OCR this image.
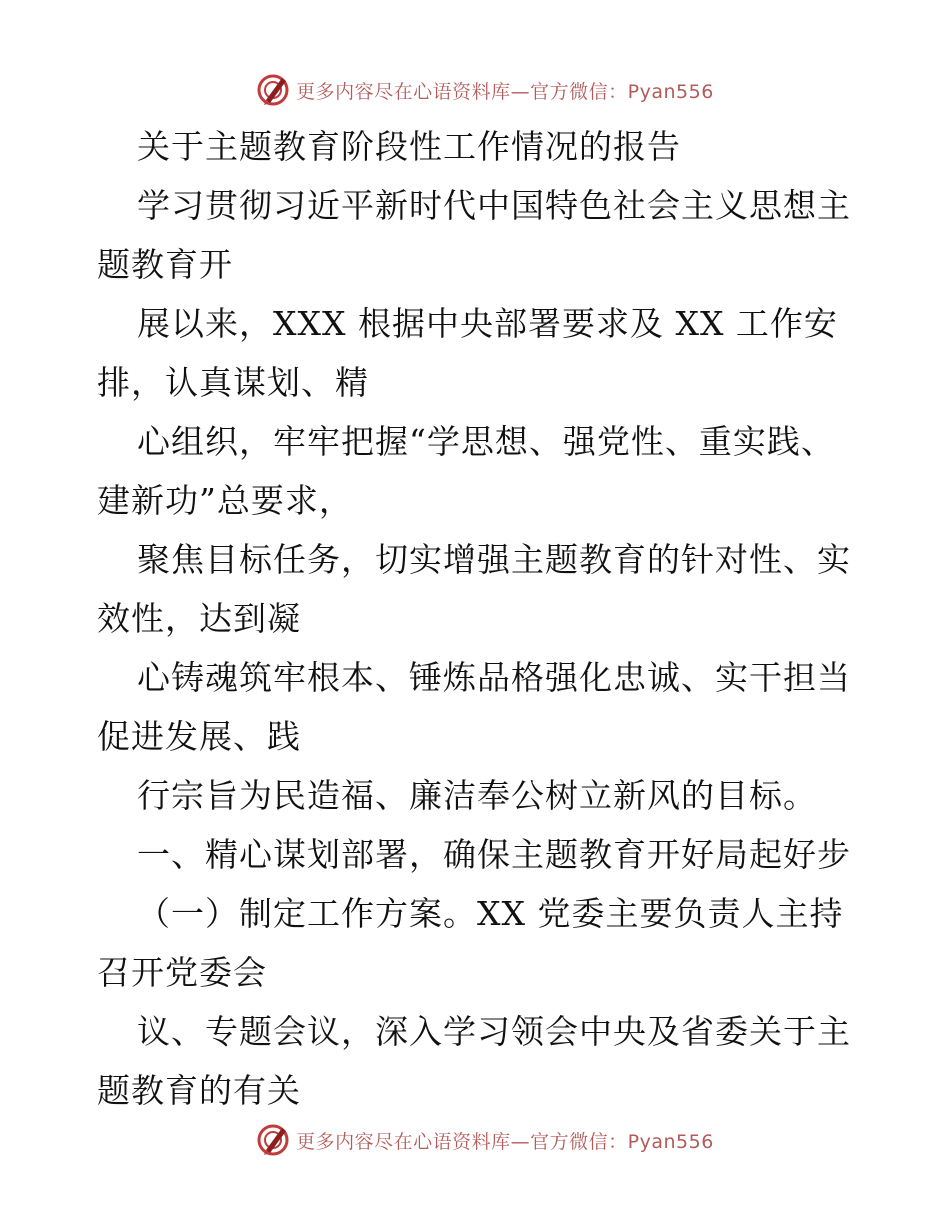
更多内容尽在心语资料库—官方微信：Pyan556
关于主题教育阶段性工作情况的报告
学习贯彻习近平新时代中国特色社会主义思想主
题教育开
展以来，XXX 根据中央部署要求及 XX 工作安
排，认真谋划、精
心组织，牢牢把握“学思想、强党性、重实践、
建新功”总要求，
聚焦目标任务，切实增强主题教育的针对性、实
效性，达到凝
心铸魂筑牢根本、锤炼品格强化忠诚、实干担当
促进发展、践
行宗旨为民造福、廉洁奉公树立新风的目标。
一、精心谋划部署，确保主题教育开好局起好步
（一）制定工作方案。XX 党委主要负责人主持
召开党委会
议、专题会议，深入学习领会中央及省委关于主
题教育的有关
更多内容尽在心语资料库—官方微信：Pyan556
